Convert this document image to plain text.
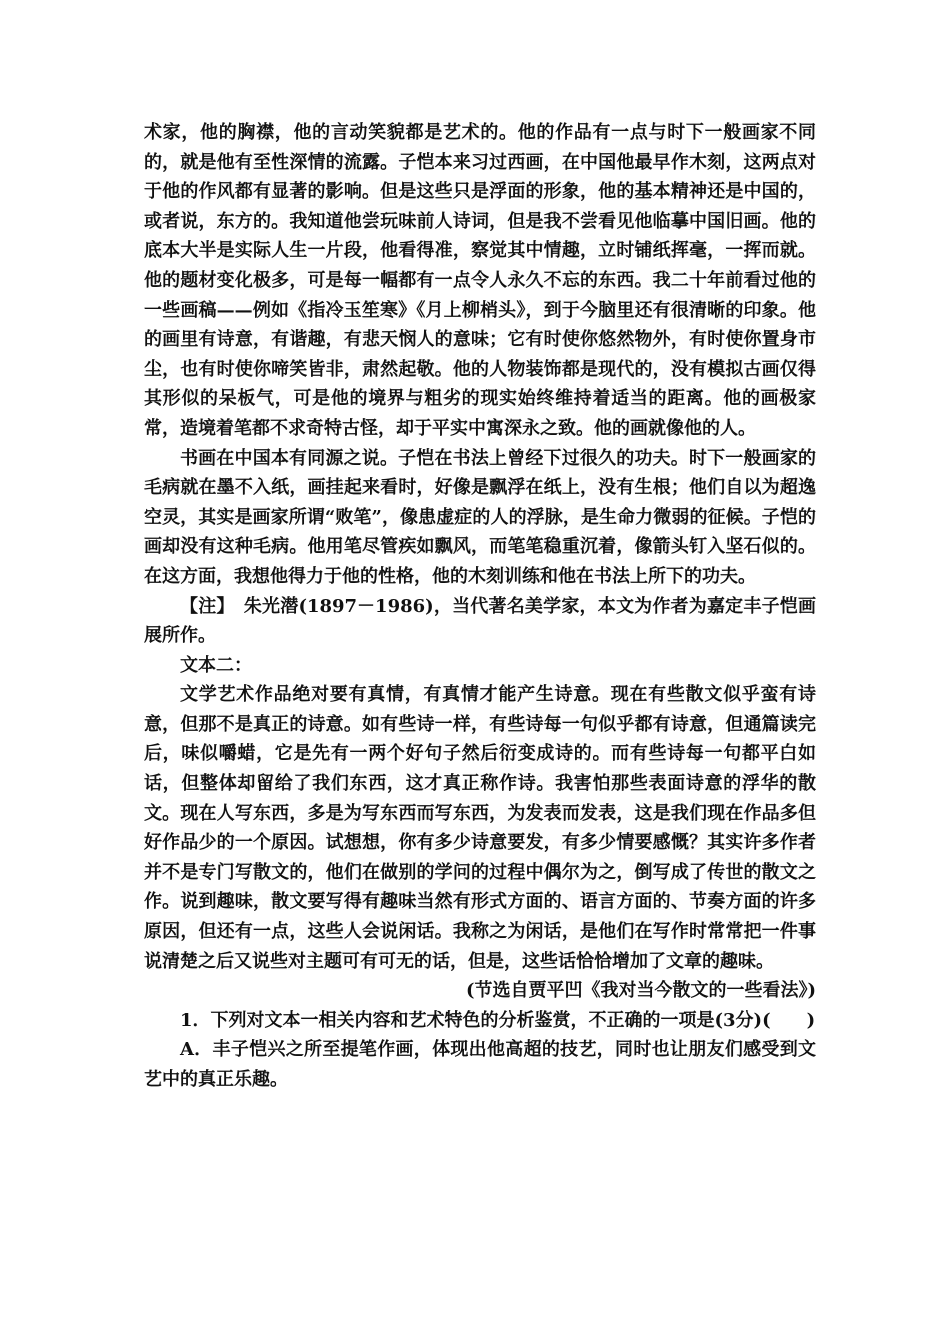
术家，他的胸襟，他的言动笑貌都是艺术的。他的作品有一点与时下一般画家不同的，就是他有至性深情的流露。子恺本来习过西画，在中国他最早作木刻，这两点对于他的作风都有显著的影响。但是这些只是浮面的形象，他的基本精神还是中国的，或者说，东方的。我知道他尝玩味前人诗词，但是我不尝看见他临摹中国旧画。他的底本大半是实际人生一片段，他看得准，察觉其中情趣，立时铺纸挥毫，一挥而就。他的题材变化极多，可是每一幅都有一点令人永久不忘的东西。我二十年前看过他的一些画稿——例如《指冷玉笙寒》《月上柳梢头》，到于今脑里还有很清晰的印象。他的画里有诗意，有谐趣，有悲天悯人的意味；它有时使你悠然物外，有时使你置身市尘，也有时使你啼笑皆非，肃然起敬。他的人物装饰都是现代的，没有模拟古画仅得其形似的呆板气，可是他的境界与粗劣的现实始终维持着适当的距离。他的画极家常，造境着笔都不求奇特古怪，却于平实中寓深永之致。他的画就像他的人。

书画在中国本有同源之说。子恺在书法上曾经下过很久的功夫。时下一般画家的毛病就在墨不入纸，画挂起来看时，好像是飘浮在纸上，没有生根；他们自以为超逸空灵，其实是画家所谓“败笔”，像患虚症的人的浮脉，是生命力微弱的征候。子恺的画却没有这种毛病。他用笔尽管疾如飘风，而笔笔稳重沉着，像箭头钉入坚石似的。在这方面，我想他得力于他的性格，他的木刻训练和他在书法上所下的功夫。

【注】　朱光潜(1897－1986)，当代著名美学家，本文为作者为嘉定丰子恺画展所作。

文本二：

文学艺术作品绝对要有真情，有真情才能产生诗意。现在有些散文似乎蛮有诗意，但那不是真正的诗意。如有些诗一样，有些诗每一句似乎都有诗意，但通篇读完后，味似嚼蜡，它是先有一两个好句子然后衍变成诗的。而有些诗每一句都平白如话，但整体却留给了我们东西，这才真正称作诗。我害怕那些表面诗意的浮华的散文。现在人写东西，多是为写东西而写东西，为发表而发表，这是我们现在作品多但好作品少的一个原因。试想想，你有多少诗意要发，有多少情要感慨？其实许多作者并不是专门写散文的，他们在做别的学问的过程中偶尔为之，倒写成了传世的散文之作。说到趣味，散文要写得有趣味当然有形式方面的、语言方面的、节奏方面的许多原因，但还有一点，这些人会说闲话。我称之为闲话，是他们在写作时常常把一件事说清楚之后又说些对主题可有可无的话，但是，这些话恰恰增加了文章的趣味。

(节选自贾平凹《我对当今散文的一些看法》)

1．下列对文本一相关内容和艺术特色的分析鉴赏，不正确的一项是(3分)(　　)

A．丰子恺兴之所至提笔作画，体现出他高超的技艺，同时也让朋友们感受到文艺中的真正乐趣。
